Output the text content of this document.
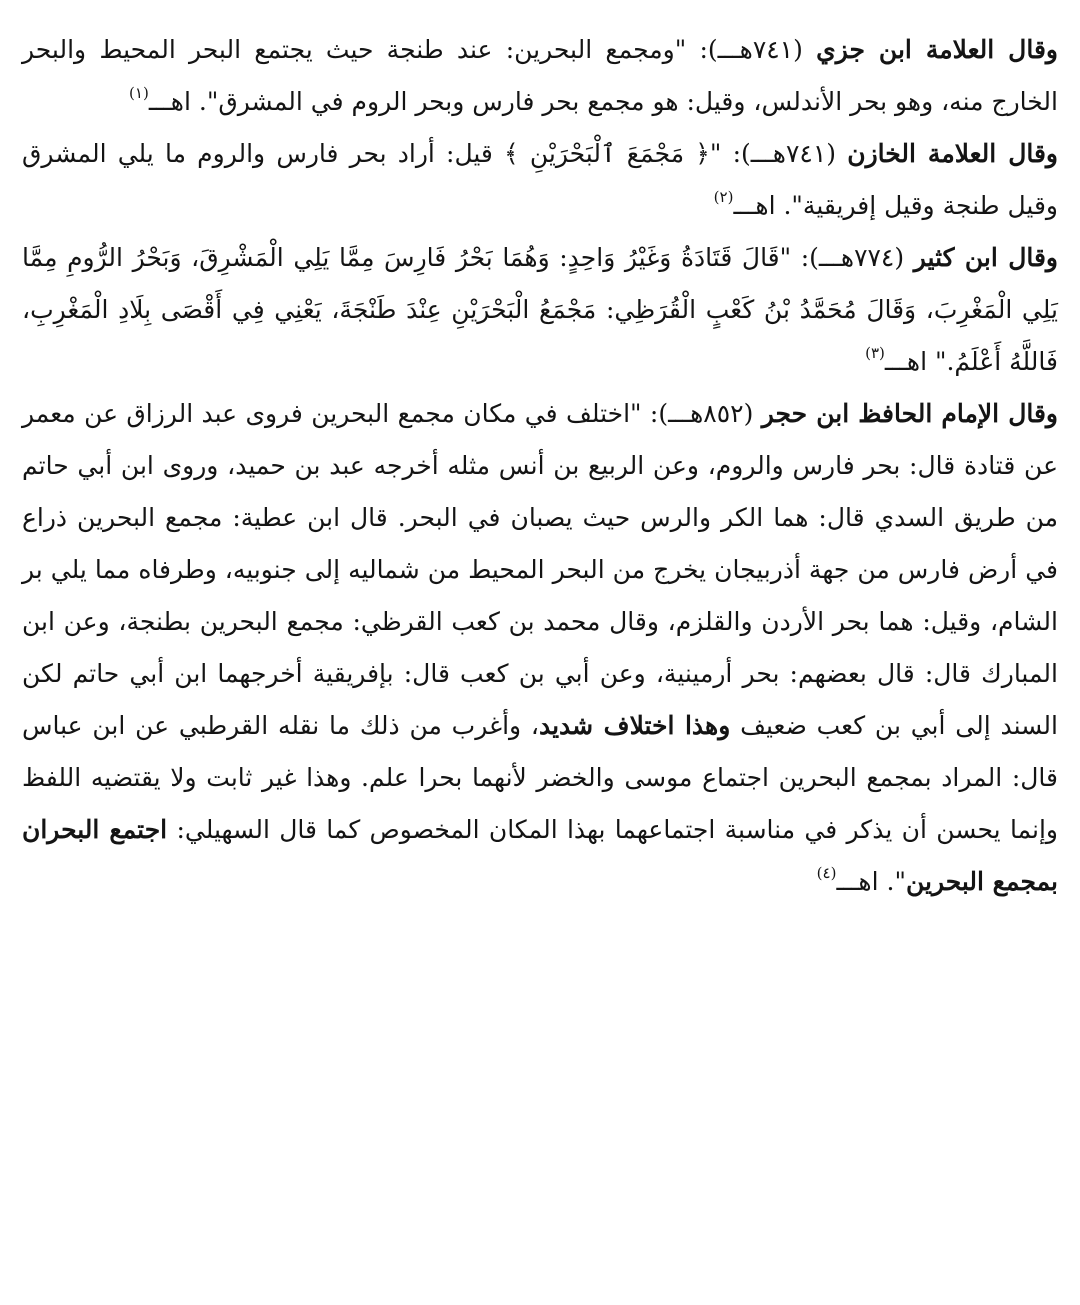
وقال العلامة ابن جزي (٧٤١هـــ): "ومجمع البحرين: عند طنجة حيث يجتمع البحر المحيط والبحر الخارج منه، وهو بحر الأندلس، وقيل: هو مجمع بحر فارس وبحر الروم في المشرق". اهـــ$^{(١)}$

وقال العلامة الخازن (٧٤١هـــ): "﴿ مَجْمَعَ ٱلْبَحْرَيْنِ ﴾ قيل: أراد بحر فارس والروم ما يلي المشرق وقيل طنجة وقيل إفريقية". اهـــ$^{(٢)}$

وقال ابن كثير (٧٧٤هـــ): "قَالَ قَتَادَةُ وَغَيْرُ وَاحِدٍ: وَهُمَا بَحْرُ فَارِسَ مِمَّا يَلِي الْمَشْرِقَ، وَبَحْرُ الرُّومِ مِمَّا يَلِي الْمَغْرِبَ، وَقَالَ مُحَمَّدُ بْنُ كَعْبٍ الْقُرَظِي: مَجْمَعُ الْبَحْرَيْنِ عِنْدَ طَنْجَةَ، يَعْنِي فِي أَقْصَى بِلَادِ الْمَغْرِبِ، فَاللَّهُ أَعْلَمُ." اهـــ$^{(٣)}$

وقال الإمام الحافظ ابن حجر (٨٥٢هـــ): "اختلف في مكان مجمع البحرين فروى عبد الرزاق عن معمر عن قتادة قال: بحر فارس والروم، وعن الربيع بن أنس مثله أخرجه عبد بن حميد، وروى ابن أبي حاتم من طريق السدي قال: هما الكر والرس حيث يصبان في البحر. قال ابن عطية: مجمع البحرين ذراع في أرض فارس من جهة أذربيجان يخرج من البحر المحيط من شماليه إلى جنوبيه، وطرفاه مما يلي بر الشام، وقيل: هما بحر الأردن والقلزم، وقال محمد بن كعب القرظي: مجمع البحرين بطنجة، وعن ابن المبارك قال: قال بعضهم: بحر أرمينية، وعن أبي بن كعب قال: بإفريقية أخرجهما ابن أبي حاتم لكن السند إلى أبي بن كعب ضعيف وهذا اختلاف شديد، وأغرب من ذلك ما نقله القرطبي عن ابن عباس قال: المراد بمجمع البحرين اجتماع موسى والخضر لأنهما بحرا علم. وهذا غير ثابت ولا يقتضيه اللفظ وإنما يحسن أن يذكر في مناسبة اجتماعهما بهذا المكان المخصوص كما قال السهيلي: اجتمع البحران بمجمع البحرين". اهـــ$^{(٤)}$
